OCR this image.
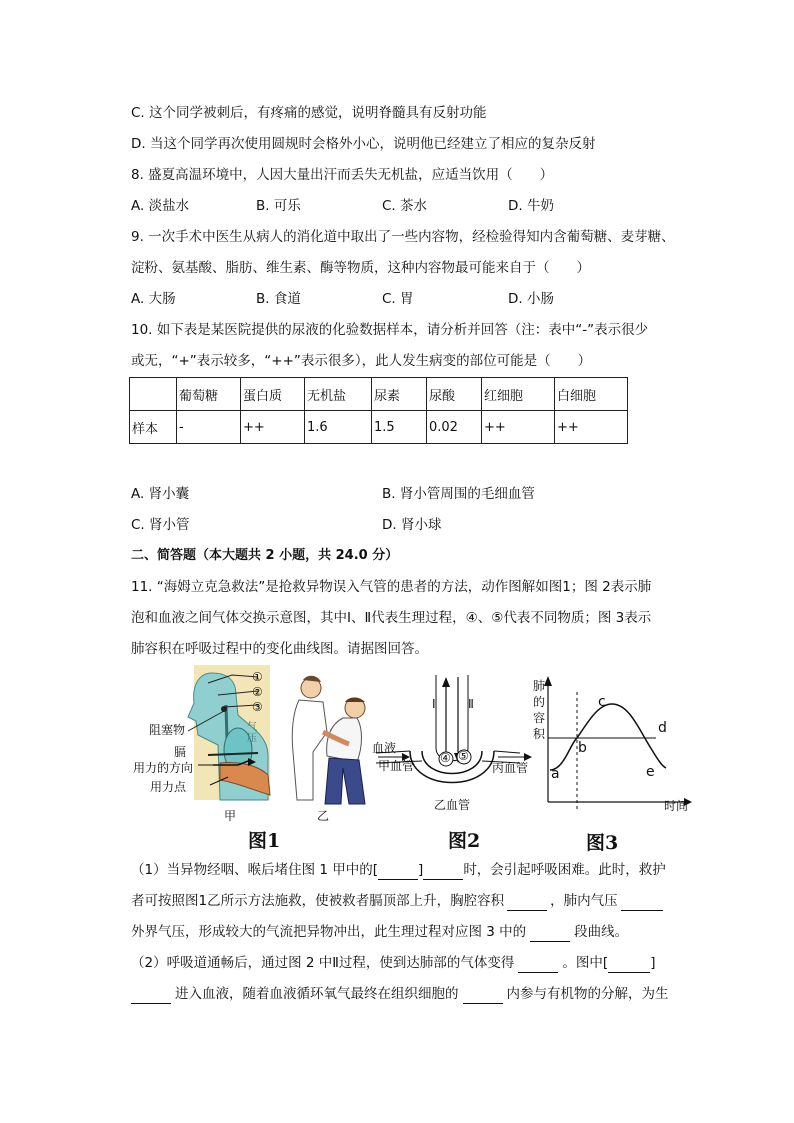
C. 这个同学被刺后，有疼痛的感觉，说明脊髓具有反射功能
D. 当这个同学再次使用圆规时会格外小心，说明他已经建立了相应的复杂反射
8. 盛夏高温环境中，人因大量出汗而丢失无机盐，应适当饮用（　　）
A. 淡盐水	B. 可乐	C. 茶水	D. 牛奶
9. 一次手术中医生从病人的消化道中取出了一些内容物，经检验得知内含葡萄糖、麦芽糖、
淀粉、氨基酸、脂肪、维生素、酶等物质，这种内容物最可能来自于（　　）
A. 大肠	B. 食道	C. 胃	D. 小肠
10. 如下表是某医院提供的尿液的化验数据样本，请分析并回答（注：表中“-”表示很少
或无，“+”表示较多，“++”表示很多），此人发生病变的部位可能是（　　）
	葡萄糖	蛋白质	无机盐	尿素	尿酸	红细胞	白细胞
样本	-	++	1.6	1.5	0.02	++	++
A. 肾小囊	B. 肾小管周围的毛细血管
C. 肾小管	D. 肾小球
二、简答题（本大题共 2 小题，共 24.0 分）
11. “海姆立克急救法”是抢救异物误入气管的患者的方法，动作图解如图1；图 2表示肺
泡和血液之间气体交换示意图，其中Ⅰ、Ⅱ代表生理过程，④、⑤代表不同物质；图 3表示
肺容积在呼吸过程中的变化曲线图。请据图回答。
①
②
③
阻塞物
膈
用力的方向
用力点
气
压
甲	乙
图1
Ⅰ	Ⅱ
④ ⑤
血液
甲血管
乙血管
丙血管
图2
肺
的
容
积
a
b
c
d
e
时间
图3
（1）当异物经咽、喉后堵住图 1 甲中的[	]	时，会引起呼吸困难。此时，救护
者可按照图1乙所示方法施救，使被救者膈顶部上升，胸腔容积	，肺内气压
外界气压，形成较大的气流把异物冲出，此生理过程对应图 3 中的	段曲线。
（2）呼吸道通畅后，通过图 2 中Ⅱ过程，使到达肺部的气体变得	。图中[	]
进入血液，随着血液循环氧气最终在组织细胞的	内参与有机物的分解，为生
